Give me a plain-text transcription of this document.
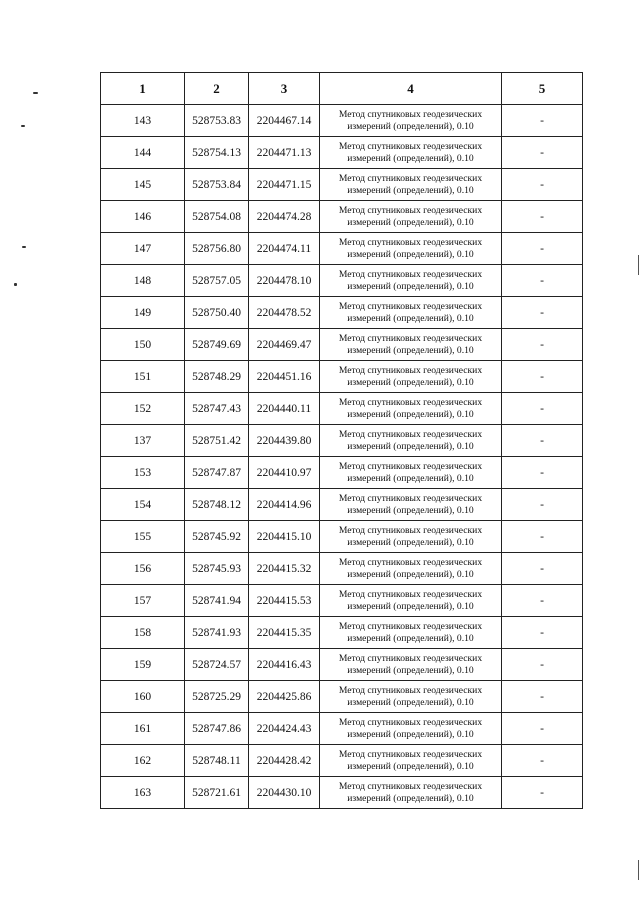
1	2	3	4	5
143	528753.83	2204467.14	Метод спутниковых геодезических
измерений (определений), 0.10	-
144	528754.13	2204471.13	Метод спутниковых геодезических
измерений (определений), 0.10	-
145	528753.84	2204471.15	Метод спутниковых геодезических
измерений (определений), 0.10	-
146	528754.08	2204474.28	Метод спутниковых геодезических
измерений (определений), 0.10	-
147	528756.80	2204474.11	Метод спутниковых геодезических
измерений (определений), 0.10	-
148	528757.05	2204478.10	Метод спутниковых геодезических
измерений (определений), 0.10	-
149	528750.40	2204478.52	Метод спутниковых геодезических
измерений (определений), 0.10	-
150	528749.69	2204469.47	Метод спутниковых геодезических
измерений (определений), 0.10	-
151	528748.29	2204451.16	Метод спутниковых геодезических
измерений (определений), 0.10	-
152	528747.43	2204440.11	Метод спутниковых геодезических
измерений (определений), 0.10	-
137	528751.42	2204439.80	Метод спутниковых геодезических
измерений (определений), 0.10	-
153	528747.87	2204410.97	Метод спутниковых геодезических
измерений (определений), 0.10	-
154	528748.12	2204414.96	Метод спутниковых геодезических
измерений (определений), 0.10	-
155	528745.92	2204415.10	Метод спутниковых геодезических
измерений (определений), 0.10	-
156	528745.93	2204415.32	Метод спутниковых геодезических
измерений (определений), 0.10	-
157	528741.94	2204415.53	Метод спутниковых геодезических
измерений (определений), 0.10	-
158	528741.93	2204415.35	Метод спутниковых геодезических
измерений (определений), 0.10	-
159	528724.57	2204416.43	Метод спутниковых геодезических
измерений (определений), 0.10	-
160	528725.29	2204425.86	Метод спутниковых геодезических
измерений (определений), 0.10	-
161	528747.86	2204424.43	Метод спутниковых геодезических
измерений (определений), 0.10	-
162	528748.11	2204428.42	Метод спутниковых геодезических
измерений (определений), 0.10	-
163	528721.61	2204430.10	Метод спутниковых геодезических
измерений (определений), 0.10	-
